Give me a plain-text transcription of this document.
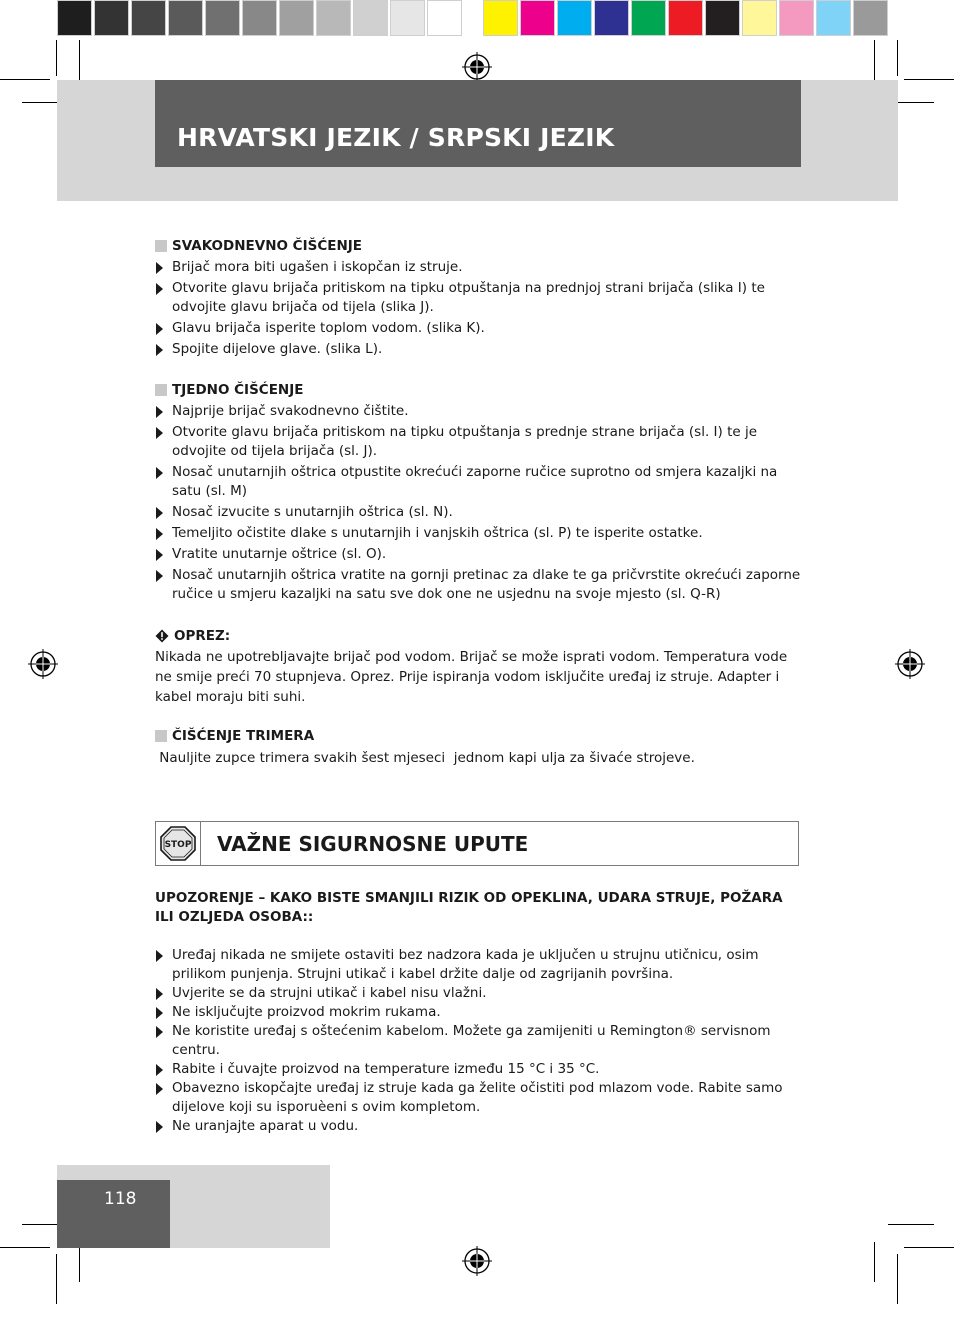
HRVATSKI JEZIK / SRPSKI JEZIK
SVAKODNEVNO ČIŠĆENJE
Brijač mora biti ugašen i iskopčan iz struje.
Otvorite glavu brijača pritiskom na tipku otpuštanja na prednjoj strani brijača (slika I) te odvojite glavu brijača od tijela (slika J).
Glavu brijača isperite toplom vodom. (slika K).
Spojite dijelove glave. (slika L).
TJEDNO ČIŠĆENJE
Najprije brijač svakodnevno čištite.
Otvorite glavu brijača pritiskom na tipku otpuštanja s prednje strane brijača (sl. I) te je odvojite od tijela brijača (sl. J).
Nosač unutarnjih oštrica otpustite okrećući zaporne ručice suprotno od smjera kazaljki na satu (sl. M)
Nosač izvucite s unutarnjih oštrica (sl. N).
Temeljito očistite dlake s unutarnjih i vanjskih oštrica (sl. P) te isperite ostatke.
Vratite unutarnje oštrice (sl. O).
Nosač unutarnjih oštrica vratite na gornji pretinac za dlake te ga pričvrstite okrećući zaporne ručice u smjeru kazaljki na satu sve dok one ne usjednu na svoje mjesto (sl. Q-R)
OPREZ:

Nikada ne upotrebljavajte brijač pod vodom. Brijač se može isprati vodom. Temperatura vode ne smije preći 70 stupnjeva. Oprez. Prije ispiranja vodom isključite uređaj iz struje. Adapter i kabel moraju biti suhi.

ČIŠĆENJE TRIMERA

Nauljite zupce trimera svakih šest mjeseci  jednom kapi ulja za šivaće strojeve.

STOP VAŽNE SIGURNOSNE UPUTE

UPOZORENJE – KAKO BISTE SMANJILI RIZIK OD OPEKLINA, UDARA STRUJE, POŽARA ILI OZLJEDA OSOBA::

Uređaj nikada ne smijete ostaviti bez nadzora kada je uključen u strujnu utičnicu, osim prilikom punjenja. Strujni utikač i kabel držite dalje od zagrijanih površina.
Uvjerite se da strujni utikač i kabel nisu vlažni.
Ne isključujte proizvod mokrim rukama.
Ne koristite uređaj s oštećenim kabelom. Možete ga zamijeniti u Remington® servisnom centru.
Rabite i čuvajte proizvod na temperature između 15 °C i 35 °C.
Obavezno iskopčajte uređaj iz struje kada ga želite očistiti pod mlazom vode. Rabite samo dijelove koji su isporuèeni s ovim kompletom.
Ne uranjajte aparat u vodu.
118
